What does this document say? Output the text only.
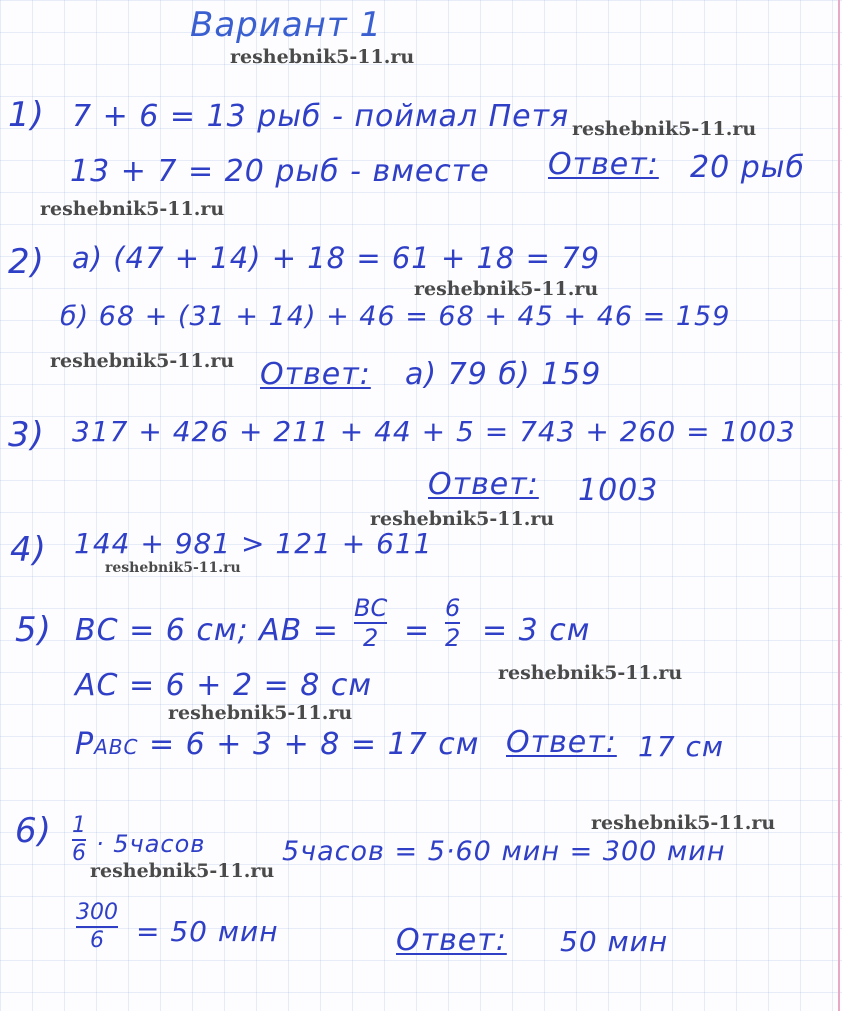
Вариант 1
reshebnik5-11.ru
reshebnik5-11.ru
reshebnik5-11.ru
reshebnik5-11.ru
reshebnik5-11.ru
reshebnik5-11.ru
reshebnik5-11.ru
reshebnik5-11.ru
reshebnik5-11.ru
reshebnik5-11.ru
reshebnik5-11.ru
1) 7 + 6 = 13 рыб - поймал Петя
13 + 7 = 20 рыб - вместе Ответ: 20 рыб
2) а) (47 + 14) + 18 = 61 + 18 = 79
б) 68 + (31 + 14) + 46 = 68 + 45 + 46 = 159
Ответ: а) 79 б) 159
3) 317 + 426 + 211 + 44 + 5 = 743 + 260 = 1003
Ответ: 1003
4) 144 + 981 > 121 + 611
5) BC = 6 см; AB =
BC
2 =
6
2 = 3 см
AC = 6 + 2 = 8 см
PABC = 6 + 3 + 8 = 17 см Ответ: 17 см
6) 1
6 · 5часов	5часов = 5·60 мин = 300 мин
300
6 = 50 мин	Ответ: 50 мин
